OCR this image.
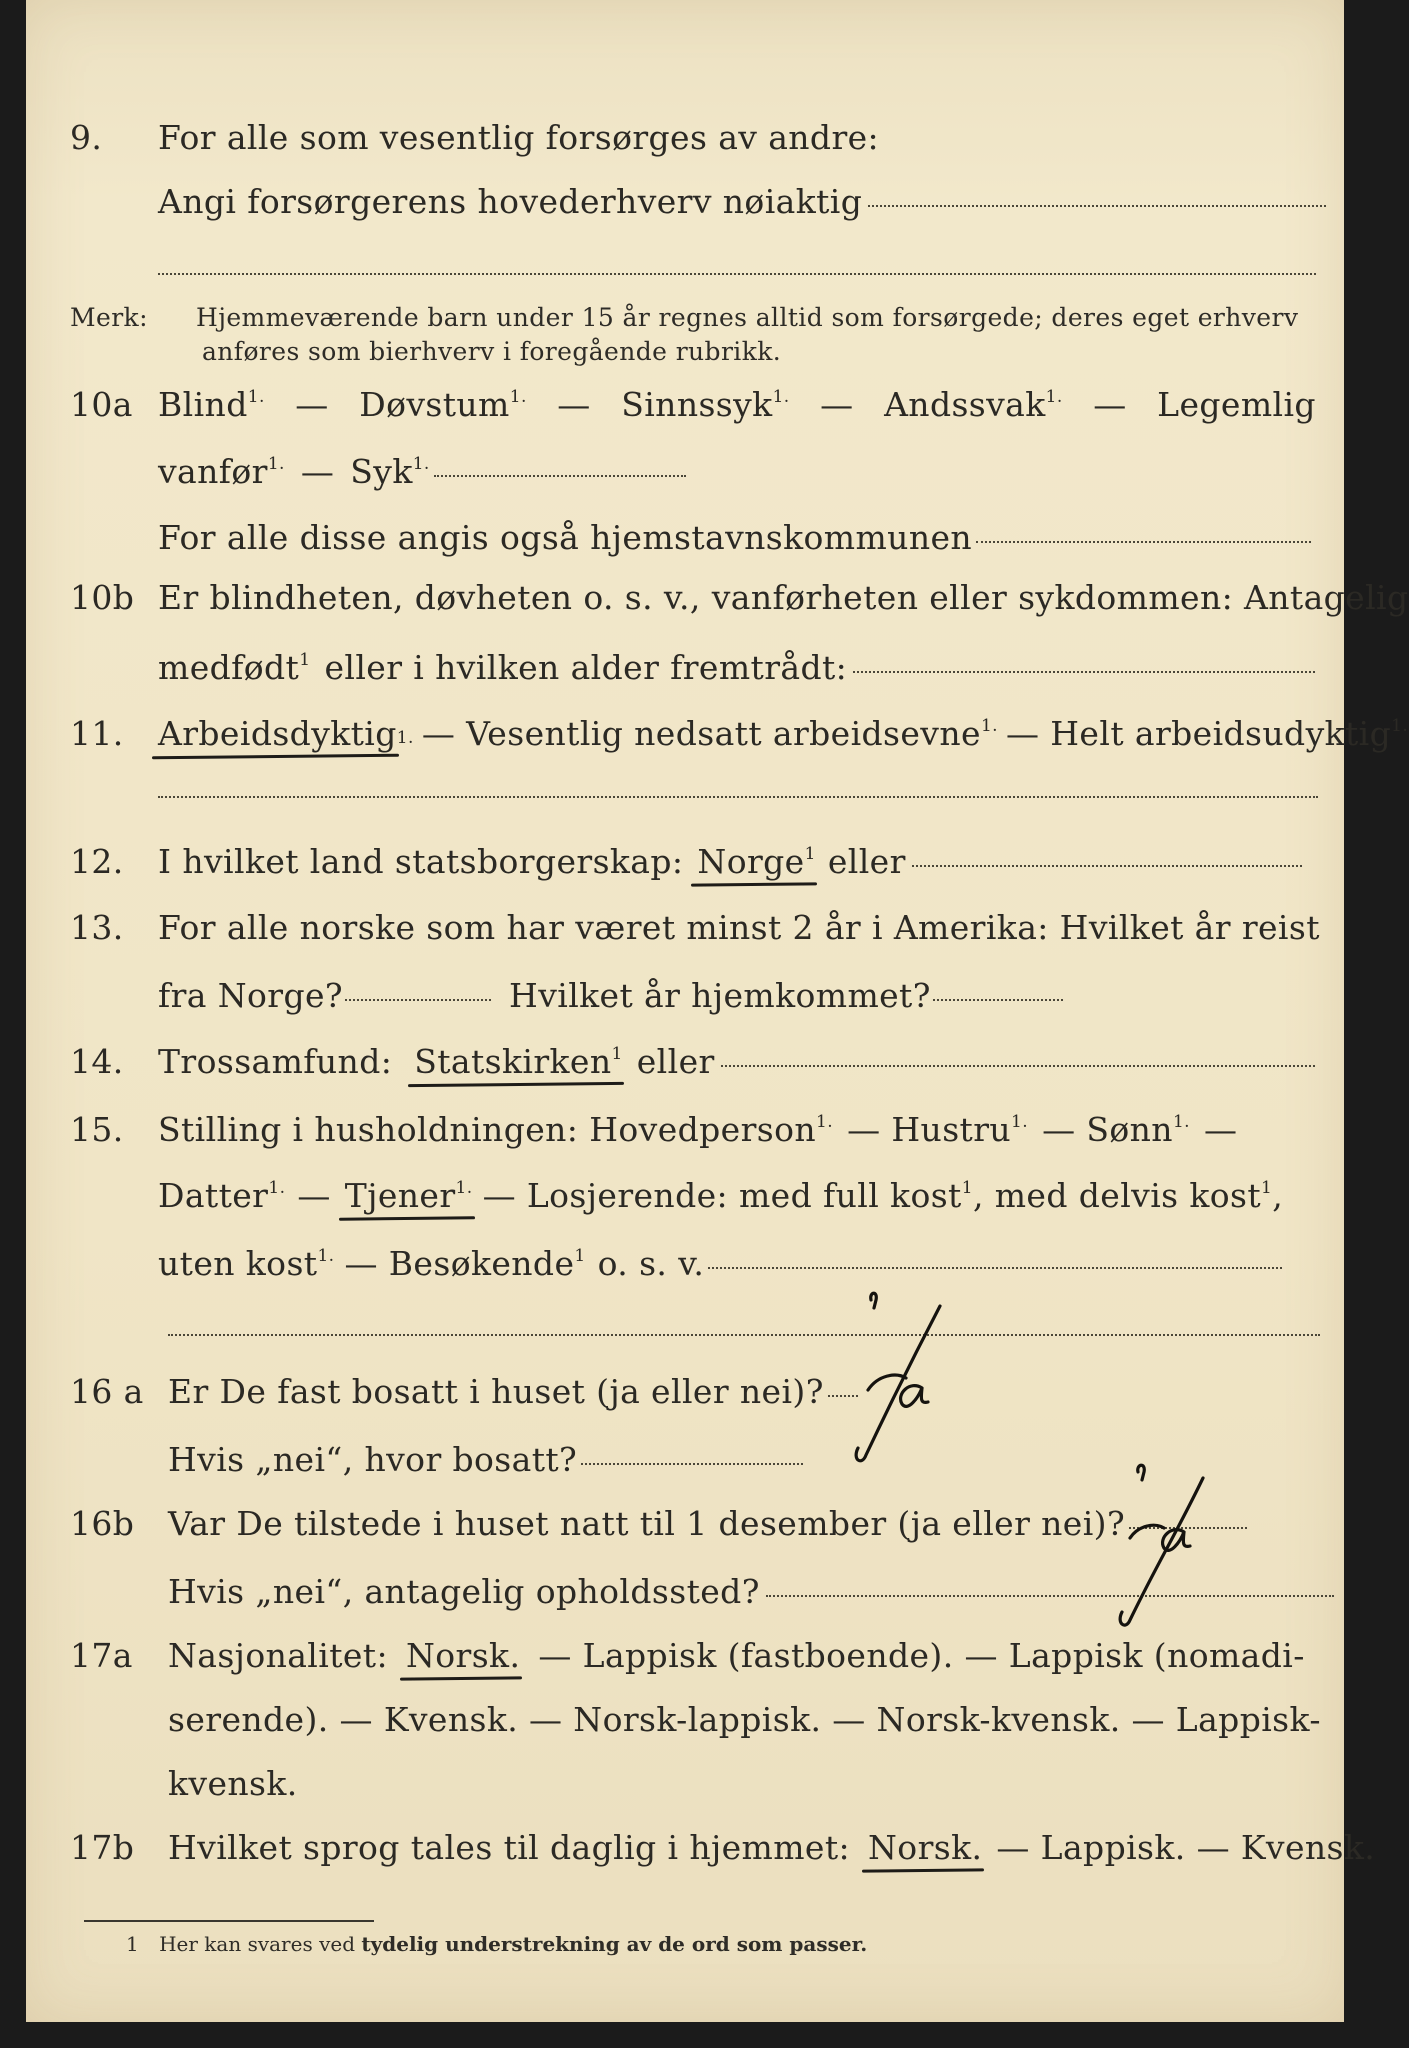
9. For alle som vesentlig forsørges av andre:
Angi forsørgerens hovederhverv nøiaktig
Merk: Hjemmeværende barn under 15 år regnes alltid som forsørgede; deres eget erhverv
anføres som bierhverv i foregående rubrikk.
10a Blind$^{1.}$ — Døvstum$^{1.}$ — Sinnssyk$^{1.}$ — Andssvak$^{1.}$ — Legemlig
vanfør$^{1.}$ — Syk$^{1.}$
For alle disse angis også hjemstavnskommunen
10b Er blindheten, døvheten o. s. v., vanførheten eller sykdommen: Antagelig
medfødt$^1$ eller i hvilken alder fremtrådt:
11. Arbeidsdyktig$^{1.}$ — Vesentlig nedsatt arbeidsevne$^{1.}$ — Helt arbeidsudyktig$^{1.}$
12. I hvilket land statsborgerskap: Norge$^1$ eller
13. For alle norske som har været minst 2 år i Amerika: Hvilket år reist
fra Norge?	Hvilket år hjemkommet?
14. Trossamfund: Statskirken$^1$ eller
15. Stilling i husholdningen: Hovedperson$^{1.}$ — Hustru$^{1.}$ — Sønn$^{1.}$ —
Datter$^{1.}$ — Tjener$^{1.}$ — Losjerende: med full kost$^1$ , med delvis kost$^1$,
uten kost$^{1.}$ — Besøkende$^1$ o. s. v.
16 a Er De fast bosatt i huset (ja eller nei)?
Hvis „nei“, hvor bosatt?
16b Var De tilstede i huset natt til 1 desember (ja eller nei)?
Hvis „nei“, antagelig opholdssted?
17a Nasjonalitet: Norsk. — Lappisk (fastboende). — Lappisk (nomadi-
serende). — Kvensk. — Norsk-lappisk. — Norsk-kvensk. — Lappisk-
kvensk.
17b Hvilket sprog tales til daglig i hjemmet: Norsk. — Lappisk. — Kvensk.
1 Her kan svares ved tydelig understrekning av de ord som passer.
